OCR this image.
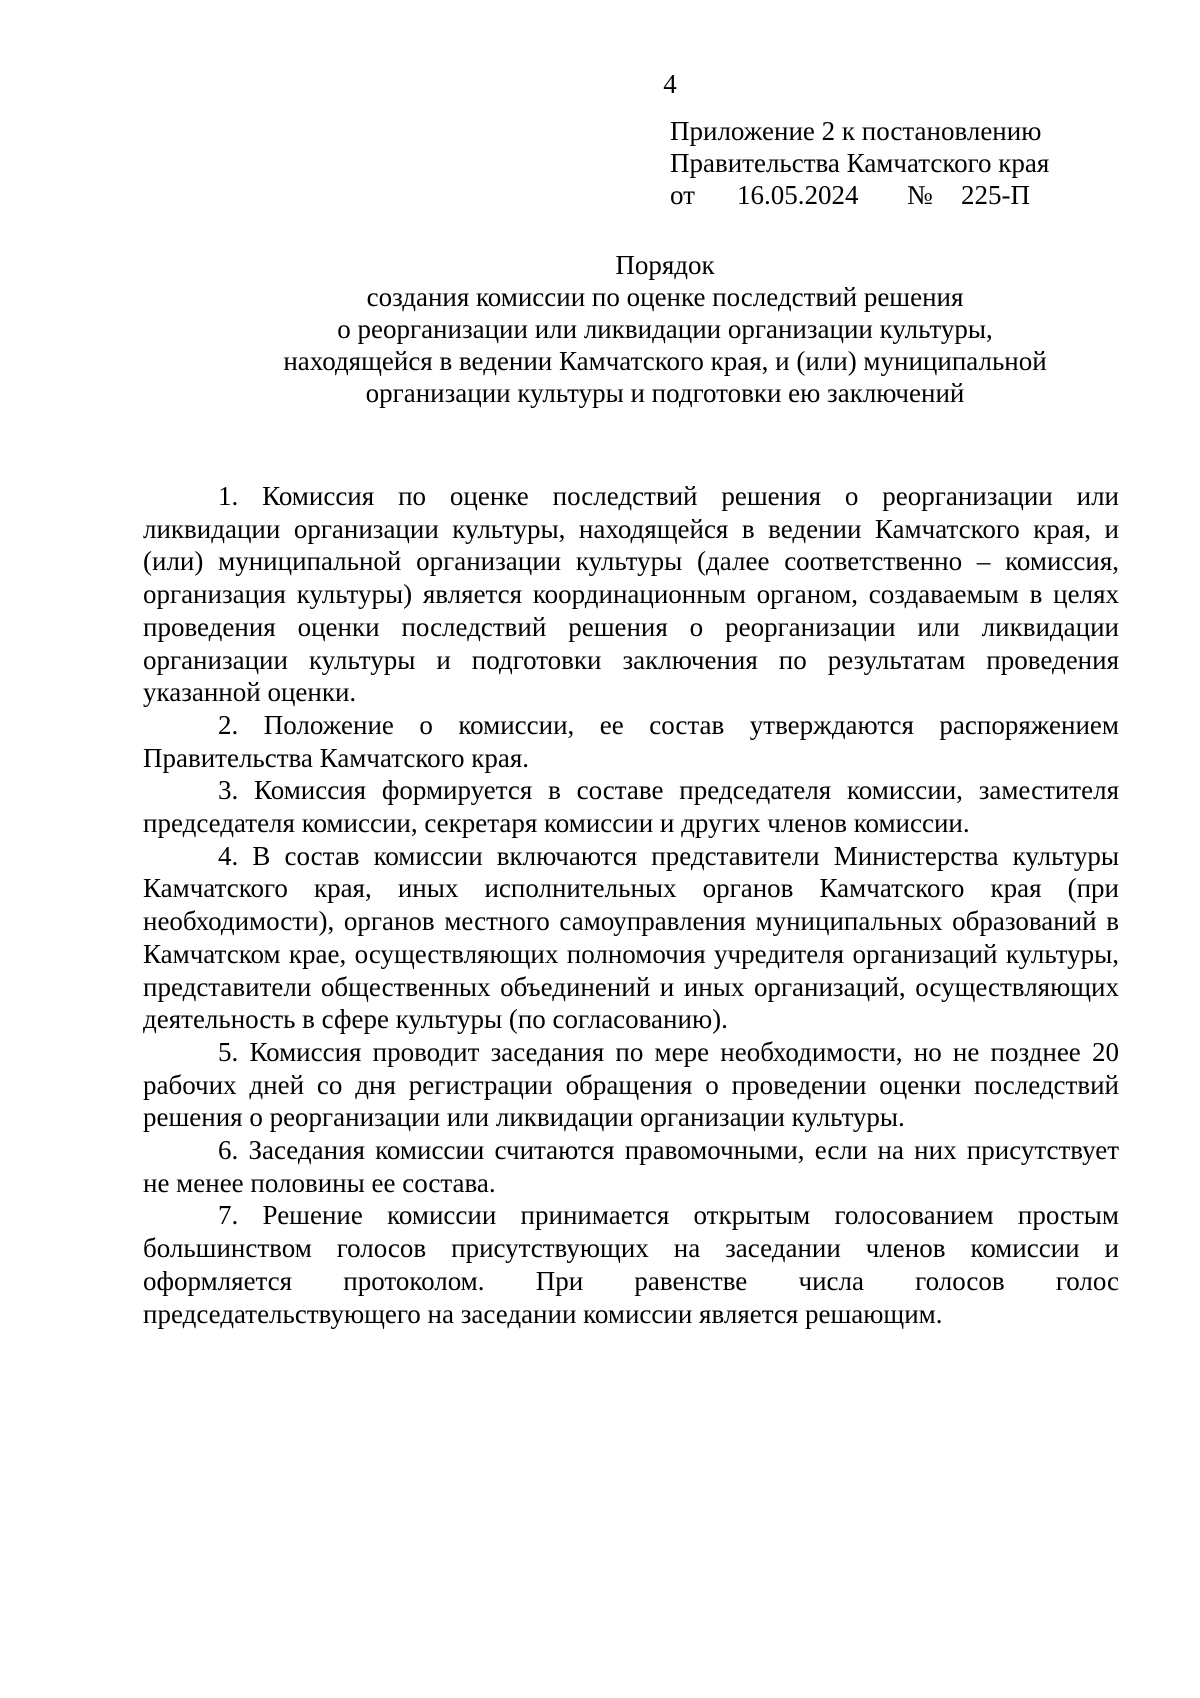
4
Приложение 2 к постановлению
Правительства Камчатского края
от	16.05.2024	№	225-П
Порядок
создания комиссии по оценке последствий решения
о реорганизации или ликвидации организации культуры,
находящейся в ведении Камчатского края, и (или) муниципальной
организации культуры и подготовки ею заключений

1. Комиссия по оценке последствий решения о реорганизации или ликвидации организации культуры, находящейся в ведении Камчатского края, и (или) муниципальной организации культуры (далее соответственно – комиссия, организация культуры) является координационным органом, создаваемым в целях проведения оценки последствий решения о реорганизации или ликвидации организации культуры и подготовки заключения по результатам проведения указанной оценки.

2. Положение о комиссии, ее состав утверждаются распоряжением Правительства Камчатского края.

3. Комиссия формируется в составе председателя комиссии, заместителя председателя комиссии, секретаря комиссии и других членов комиссии.

4. В состав комиссии включаются представители Министерства культуры Камчатского края, иных исполнительных органов Камчатского края (при необходимости), органов местного самоуправления муниципальных образований в Камчатском крае, осуществляющих полномочия учредителя организаций культуры, представители общественных объединений и иных организаций, осуществляющих деятельность в сфере культуры (по согласованию).

5. Комиссия проводит заседания по мере необходимости, но не позднее 20 рабочих дней со дня регистрации обращения о проведении оценки последствий решения о реорганизации или ликвидации организации культуры.

6. Заседания комиссии считаются правомочными, если на них присутствует не менее половины ее состава.

7. Решение комиссии принимается открытым голосованием простым большинством голосов присутствующих на заседании членов комиссии и оформляется протоколом. При равенстве числа голосов голос председательствующего на заседании комиссии является решающим.
